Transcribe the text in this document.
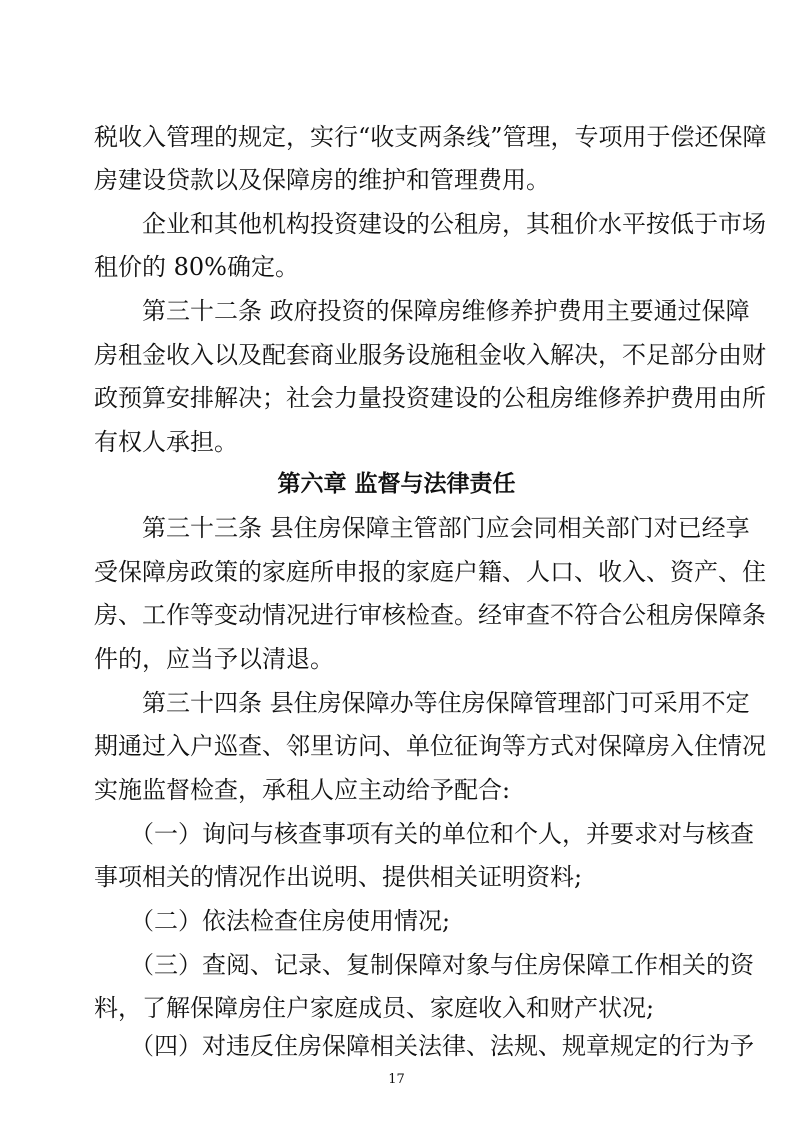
税收入管理的规定，实行“收支两条线”管理，专项用于偿还保障
房建设贷款以及保障房的维护和管理费用。
企业和其他机构投资建设的公租房，其租价水平按低于市场
租价的 80%确定。
第三十二条 政府投资的保障房维修养护费用主要通过保障
房租金收入以及配套商业服务设施租金收入解决，不足部分由财
政预算安排解决；社会力量投资建设的公租房维修养护费用由所
有权人承担。
第六章 监督与法律责任
第三十三条 县住房保障主管部门应会同相关部门对已经享
受保障房政策的家庭所申报的家庭户籍、人口、收入、资产、住
房、工作等变动情况进行审核检查。经审查不符合公租房保障条
件的，应当予以清退。
第三十四条 县住房保障办等住房保障管理部门可采用不定
期通过入户巡查、邻里访问、单位征询等方式对保障房入住情况
实施监督检查，承租人应主动给予配合:
（一）询问与核查事项有关的单位和个人，并要求对与核查
事项相关的情况作出说明、提供相关证明资料;
（二）依法检查住房使用情况;
（三）查阅、记录、复制保障对象与住房保障工作相关的资
料，了解保障房住户家庭成员、家庭收入和财产状况;
（四）对违反住房保障相关法律、法规、规章规定的行为予
17
